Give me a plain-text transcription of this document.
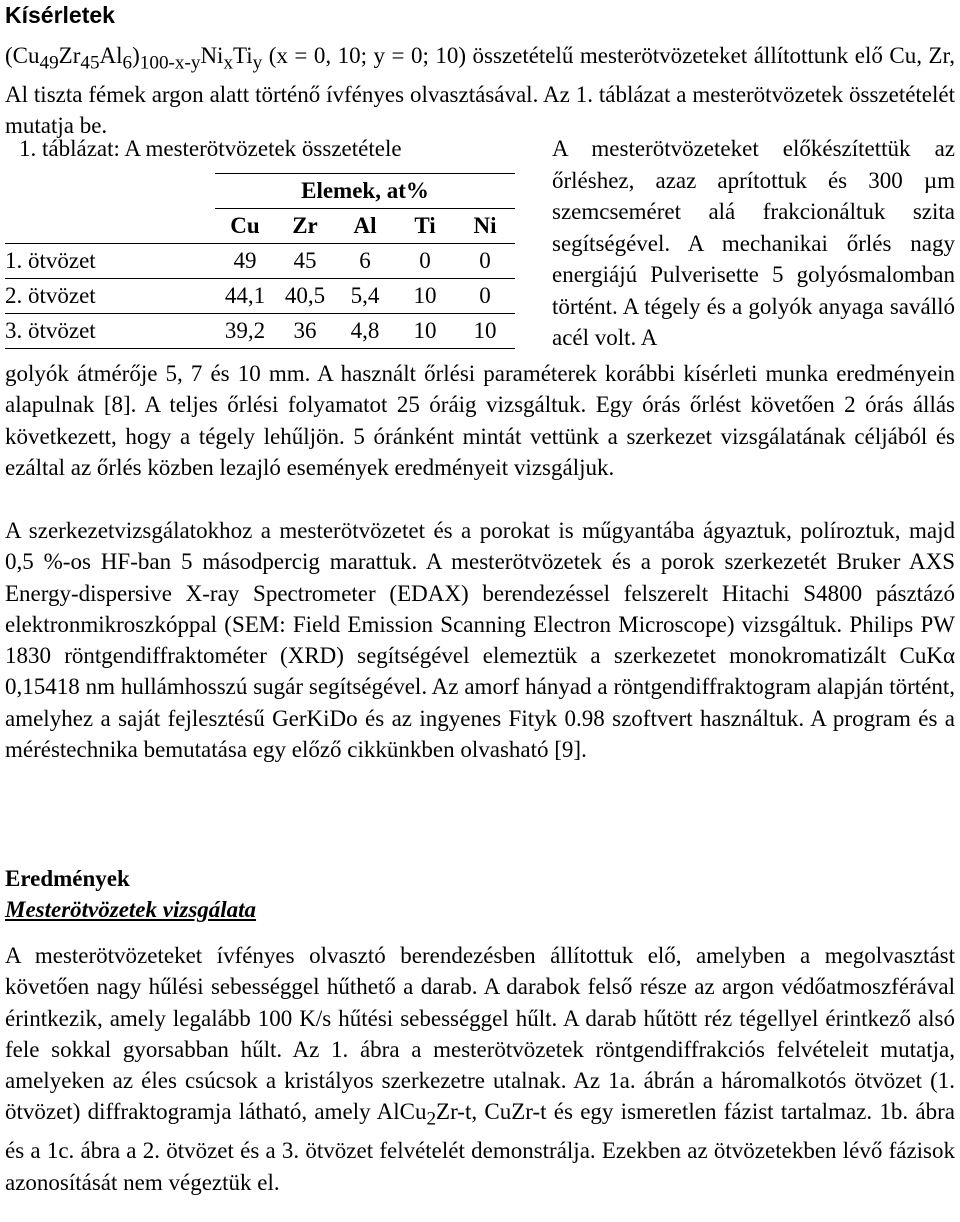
Kísérletek

$(Cu_{49}Zr_{45}Al_6)_{100-x-y}Ni_xTi_y$ (x = 0, 10; y = 0; 10) összetételű mesterötvözeteket állítottunk elő Cu, Zr, Al tiszta fémek argon alatt történő ívfényes olvasztásával. Az 1. táblázat a mesterötvözetek összetételét mutatja be.

1. táblázat: A mesterötvözetek összetétele
	Elemek, at%				
	Cu	Zr	Al	Ti	Ni
1. ötvözet	49	45	6	0	0
2. ötvözet	44,1	40,5	5,4	10	0
3. ötvözet	39,2	36	4,8	10	10

A mesterötvözeteket előkészítettük az őrléshez, azaz aprítottuk és 300 µm szemcseméret alá frakcionáltuk szita segítségével. A mechanikai őrlés nagy energiájú Pulverisette 5 golyósmalomban történt. A tégely és a golyók anyaga saválló acél volt. A

golyók átmérője 5, 7 és 10 mm. A használt őrlési paraméterek korábbi kísérleti munka eredményein alapulnak [8]. A teljes őrlési folyamatot 25 óráig vizsgáltuk. Egy órás őrlést követően 2 órás állás következett, hogy a tégely lehűljön. 5 óránként mintát vettünk a szerkezet vizsgálatának céljából és ezáltal az őrlés közben lezajló események eredményeit vizsgáljuk.

A szerkezetvizsgálatokhoz a mesterötvözetet és a porokat is műgyantába ágyaztuk, políroztuk, majd 0,5 %-os HF-ban 5 másodpercig marattuk. A mesterötvözetek és a porok szerkezetét Bruker AXS Energy-dispersive X-ray Spectrometer (EDAX) berendezéssel felszerelt Hitachi S4800 pásztázó elektronmikroszkóppal (SEM: Field Emission Scanning Electron Microscope) vizsgáltuk. Philips PW 1830 röntgendiffraktométer (XRD) segítségével elemeztük a szerkezetet monokromatizált CuKα 0,15418 nm hullámhosszú sugár segítségével. Az amorf hányad a röntgendiffraktogram alapján történt, amelyhez a saját fejlesztésű GerKiDo és az ingyenes Fityk 0.98 szoftvert használtuk. A program és a méréstechnika bemutatása egy előző cikkünkben olvasható [9].

Eredmények
Mesterötvözetek vizsgálata

A mesterötvözeteket ívfényes olvasztó berendezésben állítottuk elő, amelyben a megolvasztást követően nagy hűlési sebességgel hűthető a darab. A darabok felső része az argon védőatmoszférával érintkezik, amely legalább 100 K/s hűtési sebességgel hűlt. A darab hűtött réz tégellyel érintkező alsó fele sokkal gyorsabban hűlt. Az 1. ábra a mesterötvözetek röntgendiffrakciós felvételeit mutatja, amelyeken az éles csúcsok a kristályos szerkezetre utalnak. Az 1a. ábrán a háromalkotós ötvözet (1. ötvözet) diffraktogramja látható, amely AlCu$_2$Zr-t, CuZr-t és egy ismeretlen fázist tartalmaz. 1b. ábra és a 1c. ábra a 2. ötvözet és a 3. ötvözet felvételét demonstrálja. Ezekben az ötvözetekben lévő fázisok azonosítását nem végeztük el.
